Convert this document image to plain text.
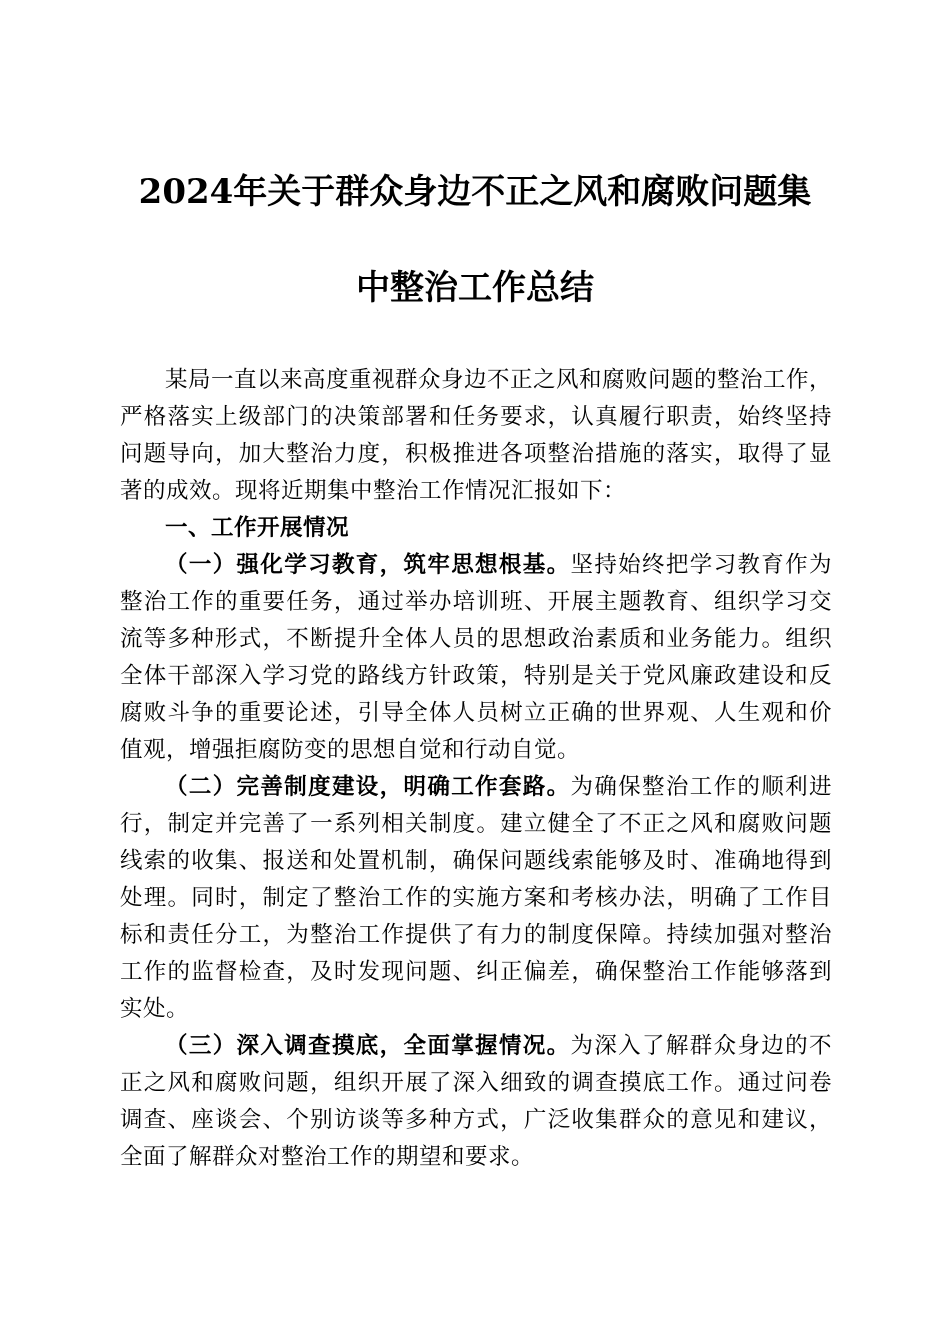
2024年关于群众身边不正之风和腐败问题集
中整治工作总结

某局一直以来高度重视群众身边不正之风和腐败问题的整治工作，严格落实上级部门的决策部署和任务要求，认真履行职责，始终坚持问题导向，加大整治力度，积极推进各项整治措施的落实，取得了显著的成效。现将近期集中整治工作情况汇报如下：

一、工作开展情况

（一）强化学习教育，筑牢思想根基。坚持始终把学习教育作为整治工作的重要任务，通过举办培训班、开展主题教育、组织学习交流等多种形式，不断提升全体人员的思想政治素质和业务能力。组织全体干部深入学习党的路线方针政策，特别是关于党风廉政建设和反腐败斗争的重要论述，引导全体人员树立正确的世界观、人生观和价值观，增强拒腐防变的思想自觉和行动自觉。

（二）完善制度建设，明确工作套路。为确保整治工作的顺利进行，制定并完善了一系列相关制度。建立健全了不正之风和腐败问题线索的收集、报送和处置机制，确保问题线索能够及时、准确地得到处理。同时，制定了整治工作的实施方案和考核办法，明确了工作目标和责任分工，为整治工作提供了有力的制度保障。持续加强对整治工作的监督检查，及时发现问题、纠正偏差，确保整治工作能够落到实处。

（三）深入调查摸底，全面掌握情况。为深入了解群众身边的不正之风和腐败问题，组织开展了深入细致的调查摸底工作。通过问卷调查、座谈会、个别访谈等多种方式，广泛收集群众的意见和建议，全面了解群众对整治工作的期望和要求。
